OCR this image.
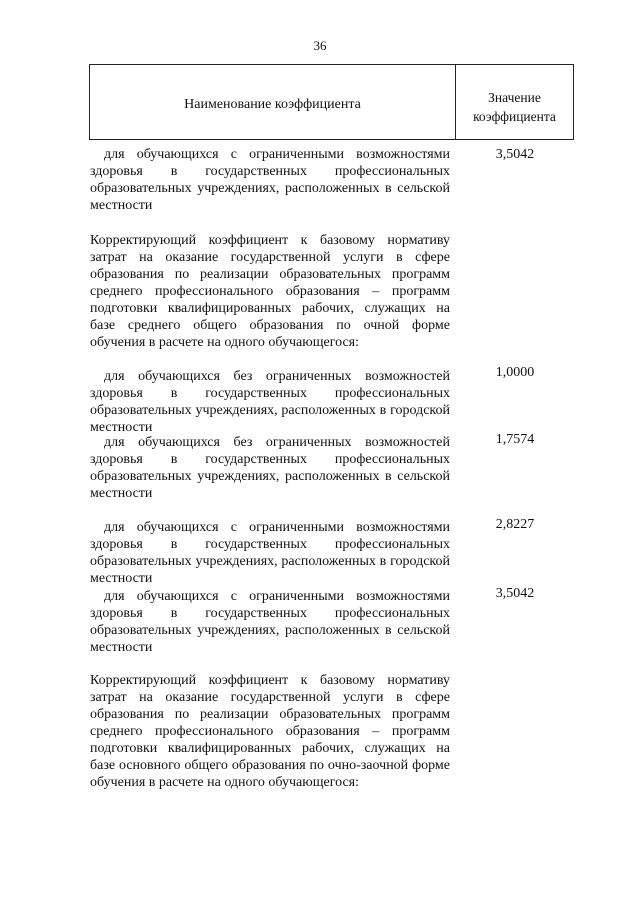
36
Наименование коэффициента	Значение
коэффициента
для обучающихся с ограниченными возможностями здоровья в государственных профессиональных образовательных учреждениях, расположенных в сельской местности
3,5042
Корректирующий коэффициент к базовому нормативу затрат на оказание государственной услуги в сфере образования по реализации образовательных программ среднего профессионального образования – программ подготовки квалифицированных рабочих, служащих на базе среднего общего образования по очной форме обучения в расчете на одного обучающегося:
для обучающихся без ограниченных возможностей здоровья в государственных профессиональных образовательных учреждениях, расположенных в городской местности
1,0000
для обучающихся без ограниченных возможностей здоровья в государственных профессиональных образовательных учреждениях, расположенных в сельской местности
1,7574
для обучающихся с ограниченными возможностями здоровья в государственных профессиональных образовательных учреждениях, расположенных в городской местности
2,8227
для обучающихся с ограниченными возможностями здоровья в государственных профессиональных образовательных учреждениях, расположенных в сельской местности
3,5042
Корректирующий коэффициент к базовому нормативу затрат на оказание государственной услуги в сфере образования по реализации образовательных программ среднего профессионального образования – программ подготовки квалифицированных рабочих, служащих на базе основного общего образования по очно-заочной форме обучения в расчете на одного обучающегося:
